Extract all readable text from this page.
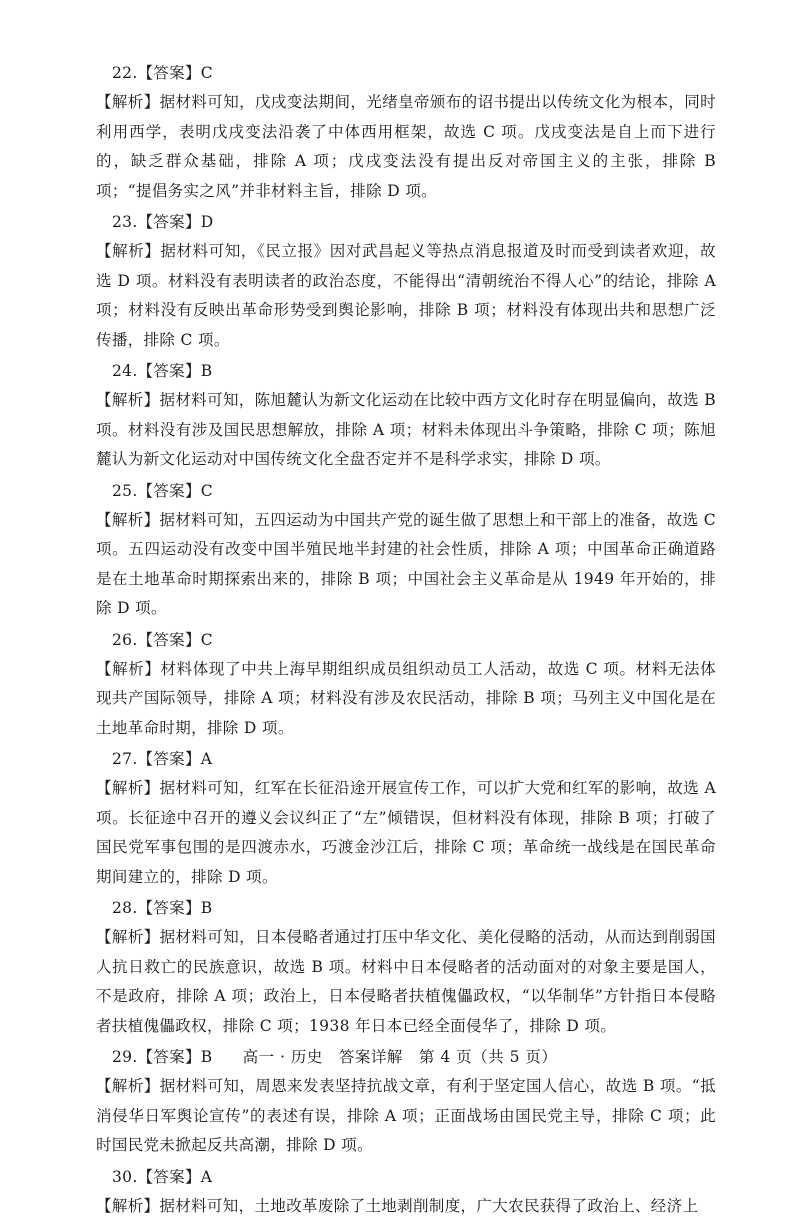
22.【答案】C

【解析】据材料可知，戊戌变法期间，光绪皇帝颁布的诏书提出以传统文化为根本，同时利用西学，表明戊戌变法沿袭了中体西用框架，故选 C 项。戊戌变法是自上而下进行的，缺乏群众基础，排除 A 项；戊戌变法没有提出反对帝国主义的主张，排除 B 项；“提倡务实之风”并非材料主旨，排除 D 项。

23.【答案】D

【解析】据材料可知，《民立报》因对武昌起义等热点消息报道及时而受到读者欢迎，故选 D 项。材料没有表明读者的政治态度，不能得出“清朝统治不得人心”的结论，排除 A 项；材料没有反映出革命形势受到舆论影响，排除 B 项；材料没有体现出共和思想广泛传播，排除 C 项。

24.【答案】B

【解析】据材料可知，陈旭麓认为新文化运动在比较中西方文化时存在明显偏向，故选 B 项。材料没有涉及国民思想解放，排除 A 项；材料未体现出斗争策略，排除 C 项；陈旭麓认为新文化运动对中国传统文化全盘否定并不是科学求实，排除 D 项。

25.【答案】C

【解析】据材料可知，五四运动为中国共产党的诞生做了思想上和干部上的准备，故选 C 项。五四运动没有改变中国半殖民地半封建的社会性质，排除 A 项；中国革命正确道路是在土地革命时期探索出来的，排除 B 项；中国社会主义革命是从 1949 年开始的，排除 D 项。

26.【答案】C

【解析】材料体现了中共上海早期组织成员组织动员工人活动，故选 C 项。材料无法体现共产国际领导，排除 A 项；材料没有涉及农民活动，排除 B 项；马列主义中国化是在土地革命时期，排除 D 项。

27.【答案】A

【解析】据材料可知，红军在长征沿途开展宣传工作，可以扩大党和红军的影响，故选 A 项。长征途中召开的遵义会议纠正了“左”倾错误，但材料没有体现，排除 B 项；打破了国民党军事包围的是四渡赤水，巧渡金沙江后，排除 C 项；革命统一战线是在国民革命期间建立的，排除 D 项。

28.【答案】B

【解析】据材料可知，日本侵略者通过打压中华文化、美化侵略的活动，从而达到削弱国人抗日救亡的民族意识，故选 B 项。材料中日本侵略者的活动面对的对象主要是国人，不是政府，排除 A 项；政治上，日本侵略者扶植傀儡政权，“以华制华”方针指日本侵略者扶植傀儡政权，排除 C 项；1938 年日本已经全面侵华了，排除 D 项。

29.【答案】B

【解析】据材料可知，周恩来发表坚持抗战文章，有利于坚定国人信心，故选 B 项。“抵消侵华日军舆论宣传”的表述有误，排除 A 项；正面战场由国民党主导，排除 C 项；此时国民党未掀起反共高潮，排除 D 项。

30.【答案】A

【解析】据材料可知，土地改革废除了土地剥削制度，广大农民获得了政治上、经济上

高一 · 历史　答案详解　第 4 页（共 5 页）
